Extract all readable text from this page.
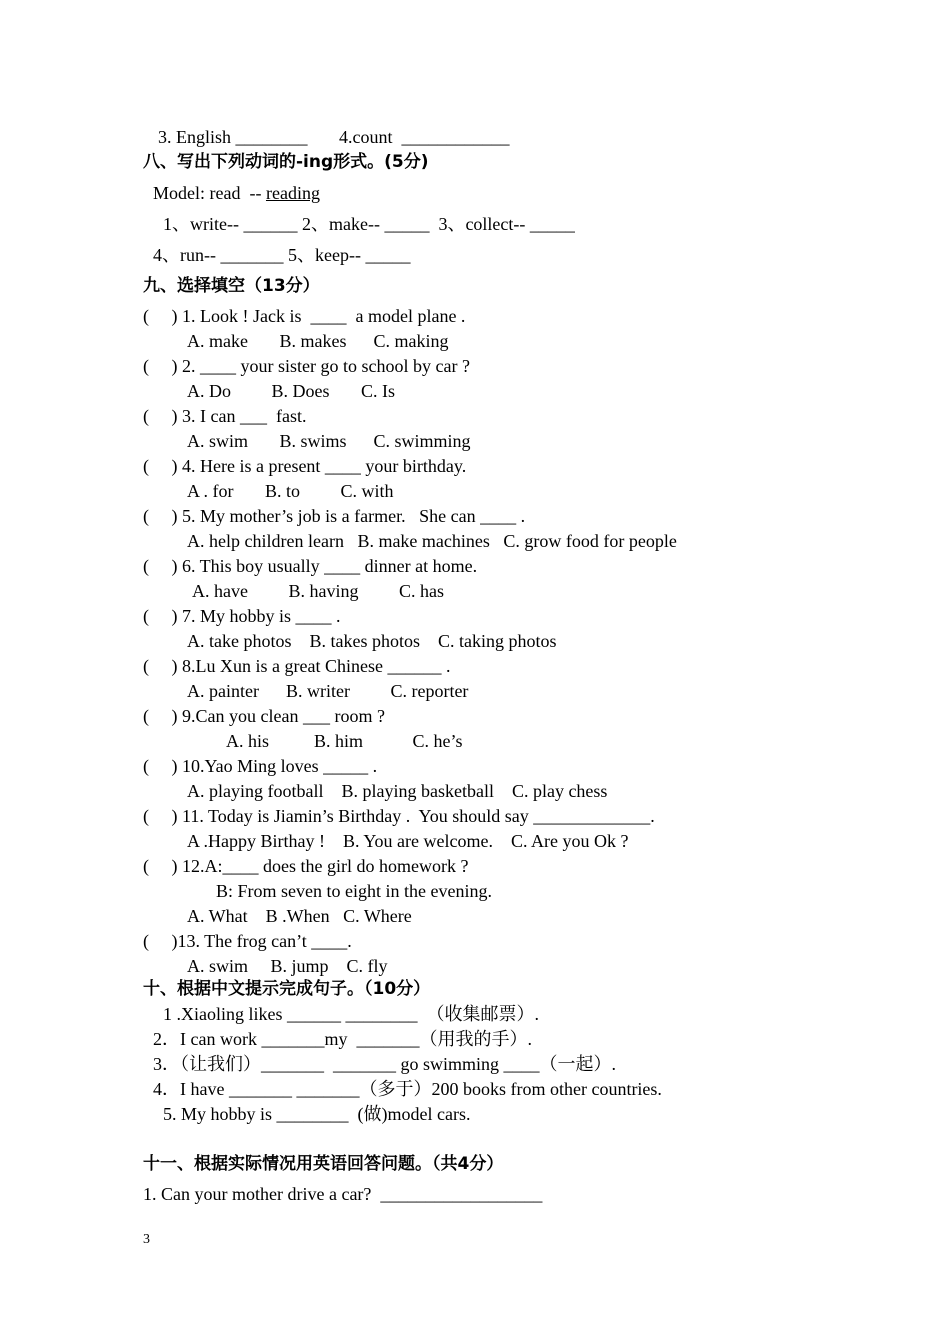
3. English ________       4.count  ____________
八、写出下列动词的-ing形式。(5分)
Model: read  -- reading
1、write-- ______ 2、make-- _____  3、collect-- _____
4、run-- _______ 5、keep-- _____
九、选择填空（13分）
(     ) 1. Look ! Jack is  ____  a model plane .
A. make       B. makes      C. making
(     ) 2. ____ your sister go to school by car ?
A. Do         B. Does       C. Is
(     ) 3. I can ___  fast.
A. swim       B. swims      C. swimming
(     ) 4. Here is a present ____ your birthday.
A . for       B. to         C. with
(     ) 5. My mother’s job is a farmer.   She can ____ .
A. help children learn   B. make machines   C. grow food for people
(     ) 6. This boy usually ____ dinner at home.
A. have         B. having         C. has
(     ) 7. My hobby is ____ .
A. take photos    B. takes photos    C. taking photos
(     ) 8.Lu Xun is a great Chinese ______ .
A. painter      B. writer         C. reporter
(     ) 9.Can you clean ___ room ?
A. his          B. him           C. he’s
(     ) 10.Yao Ming loves _____ .
A. playing football    B. playing basketball    C. play chess
(     ) 11. Today is Jiamin’s Birthday .  You should say _____________.
A .Happy Birthay !    B. You are welcome.    C. Are you Ok ?
(     ) 12.A:____ does the girl do homework ?
B: From seven to eight in the evening.
A. What    B .When   C. Where
(     )13. The frog can’t ____.
A. swim     B. jump    C. fly
十、根据中文提示完成句子。（10分）
1 .Xiaoling likes ______ ________  （收集邮票）.
2．I can work _______my  _______（用我的手）.
3．（让我们）_______  _______ go swimming ____（一起）.
4．I have _______ _______（多于）200 books from other countries.
5. My hobby is ________  (做)model cars.
十一、根据实际情况用英语回答问题。（共4分）
1. Can your mother drive a car?  __________________
3
